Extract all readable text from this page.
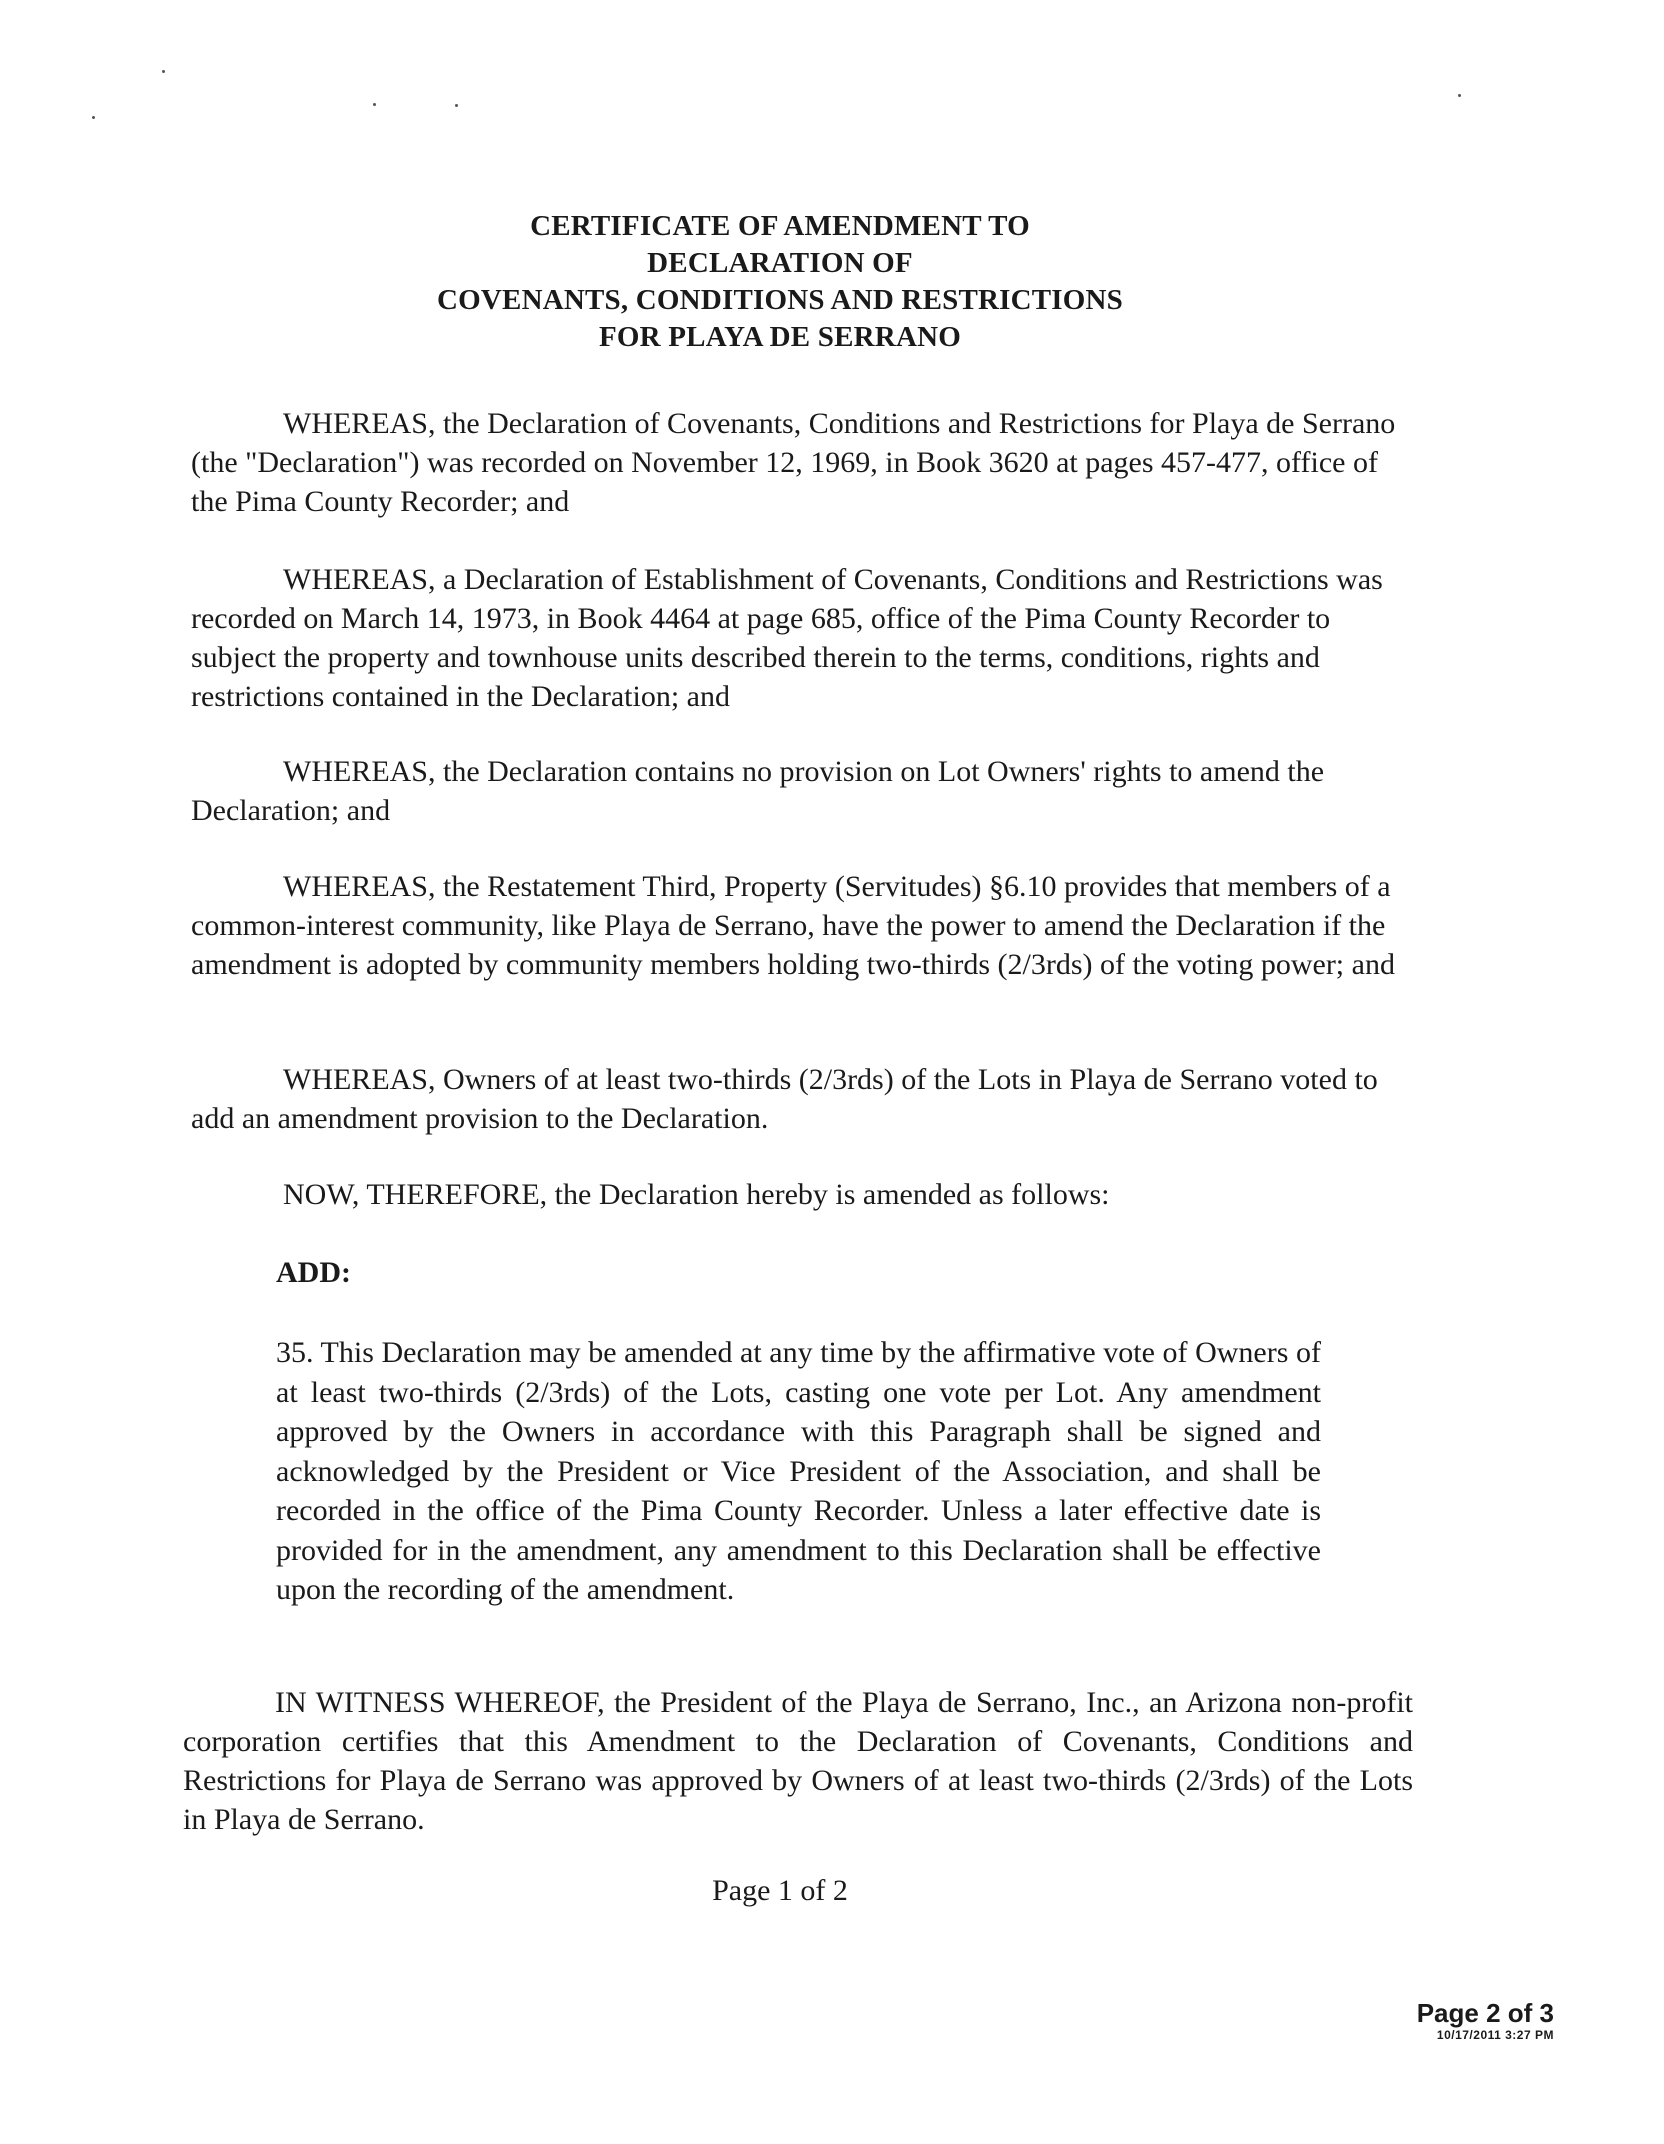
CERTIFICATE OF AMENDMENT TO
DECLARATION OF
COVENANTS, CONDITIONS AND RESTRICTIONS
FOR PLAYA DE SERRANO
WHEREAS, the Declaration of Covenants, Conditions and Restrictions for Playa de Serrano (the "Declaration") was recorded on November 12, 1969, in Book 3620 at pages 457-477, office of the Pima County Recorder; and
WHEREAS, a Declaration of Establishment of Covenants, Conditions and Restrictions was recorded on March 14, 1973, in Book 4464 at page 685, office of the Pima County Recorder to subject the property and townhouse units described therein to the terms, conditions, rights and restrictions contained in the Declaration; and
WHEREAS, the Declaration contains no provision on Lot Owners' rights to amend the Declaration; and
WHEREAS, the Restatement Third, Property (Servitudes) §6.10 provides that members of a common-interest community, like Playa de Serrano, have the power to amend the Declaration if the amendment is adopted by community members holding two-thirds (2/3rds) of the voting power; and
WHEREAS, Owners of at least two-thirds (2/3rds) of the Lots in Playa de Serrano voted to add an amendment provision to the Declaration.
NOW, THEREFORE, the Declaration hereby is amended as follows:
ADD:
35. This Declaration may be amended at any time by the affirmative vote of Owners of at least two-thirds (2/3rds) of the Lots, casting one vote per Lot. Any amendment approved by the Owners in accordance with this Paragraph shall be signed and acknowledged by the President or Vice President of the Association, and shall be recorded in the office of the Pima County Recorder. Unless a later effective date is provided for in the amendment, any amendment to this Declaration shall be effective upon the recording of the amendment.
IN WITNESS WHEREOF, the President of the Playa de Serrano, Inc., an Arizona non-profit corporation certifies that this Amendment to the Declaration of Covenants, Conditions and Restrictions for Playa de Serrano was approved by Owners of at least two-thirds (2/3rds) of the Lots in Playa de Serrano.
Page 1 of 2
Page 2 of 3
10/17/2011 3:27 PM
